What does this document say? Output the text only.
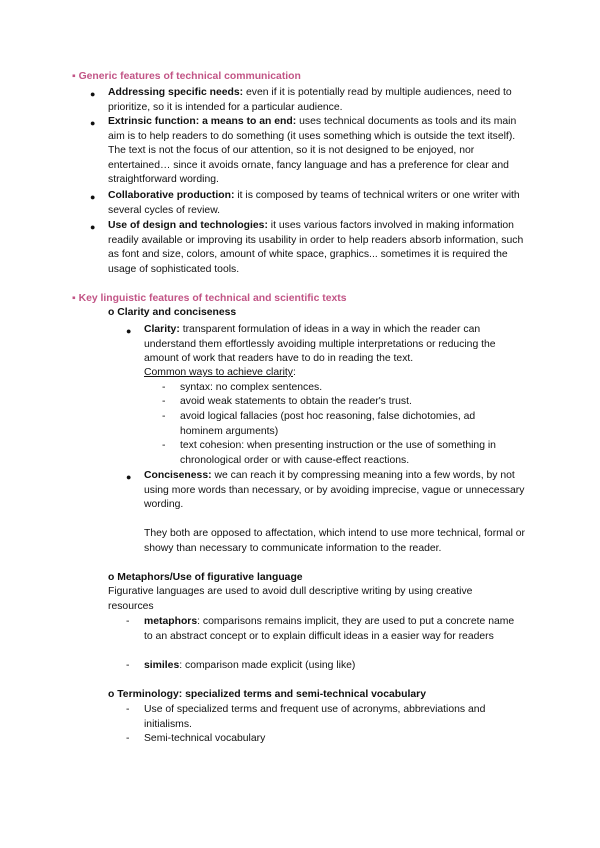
▪ Generic features of technical communication
● Addressing specific needs: even if it is potentially read by multiple audiences, need to prioritize, so it is intended for a particular audience.
● Extrinsic function: a means to an end: uses technical documents as tools and its main aim is to help readers to do something (it uses something which is outside the text itself). The text is not the focus of our attention, so it is not designed to be enjoyed, nor entertained… since it avoids ornate, fancy language and has a preference for clear and straightforward wording.
● Collaborative production: it is composed by teams of technical writers or one writer with several cycles of review.
● Use of design and technologies: it uses various factors involved in making information readily available or improving its usability in order to help readers absorb information, such as font and size, colors, amount of white space, graphics... sometimes it is required the usage of sophisticated tools.
▪ Key linguistic features of technical and scientific texts
o Clarity and conciseness
● Clarity: transparent formulation of ideas in a way in which the reader can understand them effortlessly avoiding multiple interpretations or reducing the amount of work that readers have to do in reading the text.
Common ways to achieve clarity:
- syntax: no complex sentences.
- avoid weak statements to obtain the reader's trust.
- avoid logical fallacies (post hoc reasoning, false dichotomies, ad hominem arguments)
- text cohesion: when presenting instruction or the use of something in chronological order or with cause-effect reactions.
● Conciseness: we can reach it by compressing meaning into a few words, by not using more words than necessary, or by avoiding imprecise, vague or unnecessary wording.
They both are opposed to affectation, which intend to use more technical, formal or showy than necessary to communicate information to the reader.
o Metaphors/Use of figurative language
Figurative languages are used to avoid dull descriptive writing by using creative resources
- metaphors: comparisons remains implicit, they are used to put a concrete name to an abstract concept or to explain difficult ideas in a easier way for readers
- similes: comparison made explicit (using like)
o Terminology: specialized terms and semi-technical vocabulary
- Use of specialized terms and frequent use of acronyms, abbreviations and initialisms.
- Semi-technical vocabulary
